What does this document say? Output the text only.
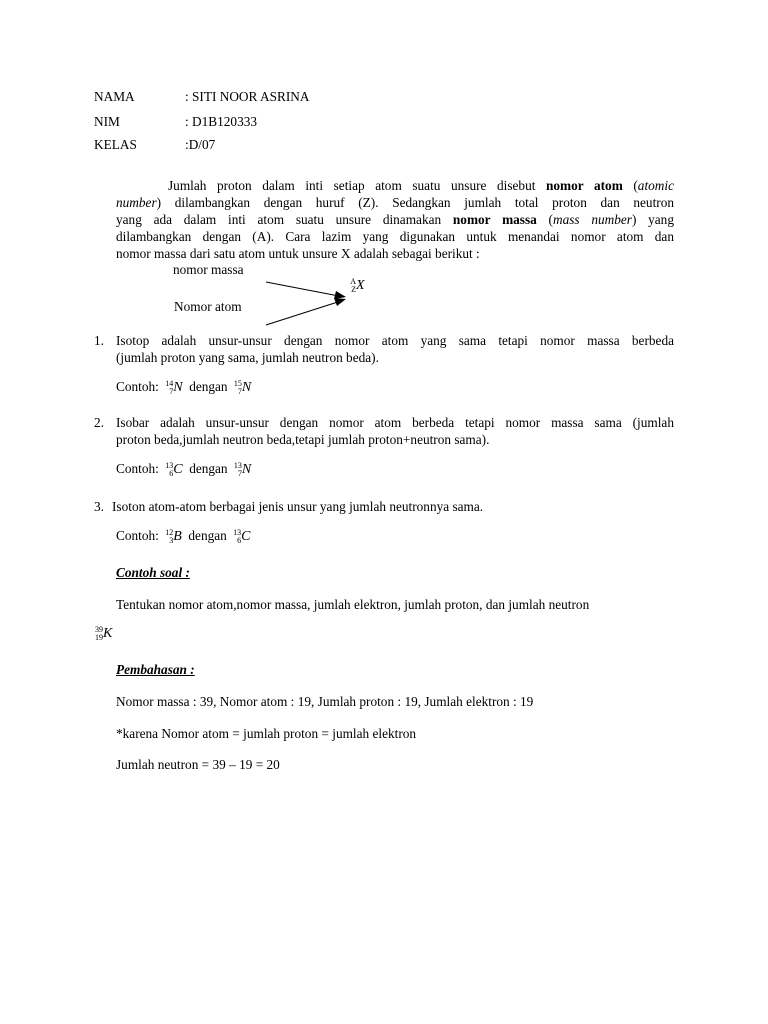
NAMA	: SITI NOOR ASRINA
NIM	: D1B120333
KELAS	:D/07
Jumlah proton dalam inti setiap atom suatu unsure disebut nomor atom (atomic
number) dilambangkan dengan huruf (Z). Sedangkan jumlah total proton dan neutron
yang ada dalam inti atom suatu unsure dinamakan nomor massa (mass number) yang
dilambangkan dengan (A). Cara lazim yang digunakan untuk menandai nomor atom dan
nomor massa dari satu atom untuk unsure X adalah sebagai berikut :
nomor massa
Nomor atom
A
Z X
1. Isotop adalah unsur-unsur dengan nomor atom yang sama tetapi nomor massa berbeda
(jumlah proton yang sama, jumlah neutron beda).
Contoh: 14
7 N dengan 15
7 N
2. Isobar adalah unsur-unsur dengan nomor atom berbeda tetapi nomor massa sama (jumlah
proton beda,jumlah neutron beda,tetapi jumlah proton+neutron sama).
Contoh: 13
6 C dengan 13
7 N
3. Isoton atom-atom berbagai jenis unsur yang jumlah neutronnya sama.
Contoh: 12
3 B dengan 13
6 C
Contoh soal :
Tentukan nomor atom,nomor massa, jumlah elektron, jumlah proton, dan jumlah neutron
39
19 K
Pembahasan :
Nomor massa : 39, Nomor atom : 19, Jumlah proton : 19, Jumlah elektron : 19
*karena Nomor atom = jumlah proton = jumlah elektron
Jumlah neutron = 39 – 19 = 20
